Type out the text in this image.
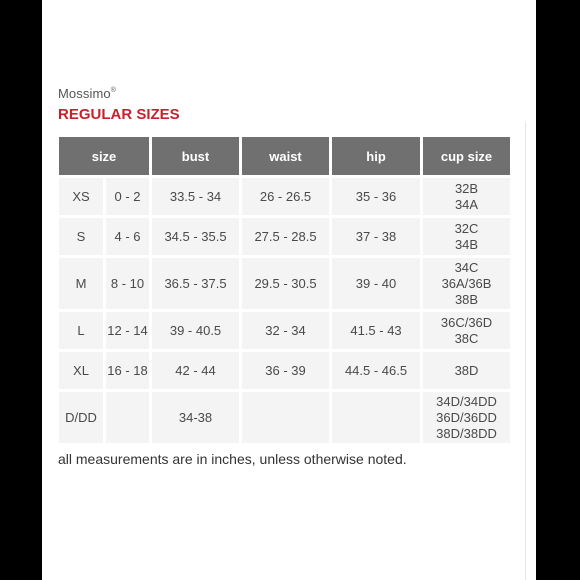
Mossimo®
REGULAR SIZES
size		bust	waist	hip	cup size
XS	0 - 2	33.5 - 34	26 - 26.5	35 - 36	32B
34A

S	4 - 6	34.5 - 35.5	27.5 - 28.5	37 - 38	32C
34B

M	8 - 10	36.5 - 37.5	29.5 - 30.5	39 - 40	34C
36A/36B
38B

L	12 - 14	39 - 40.5	32 - 34	41.5 - 43	36C/36D
38C

XL	16 - 18	42 - 44	36 - 39	44.5 - 46.5	38D

D/DD		34-38			34D/34DD
36D/36DD
38D/38DD
all measurements are in inches, unless otherwise noted.
